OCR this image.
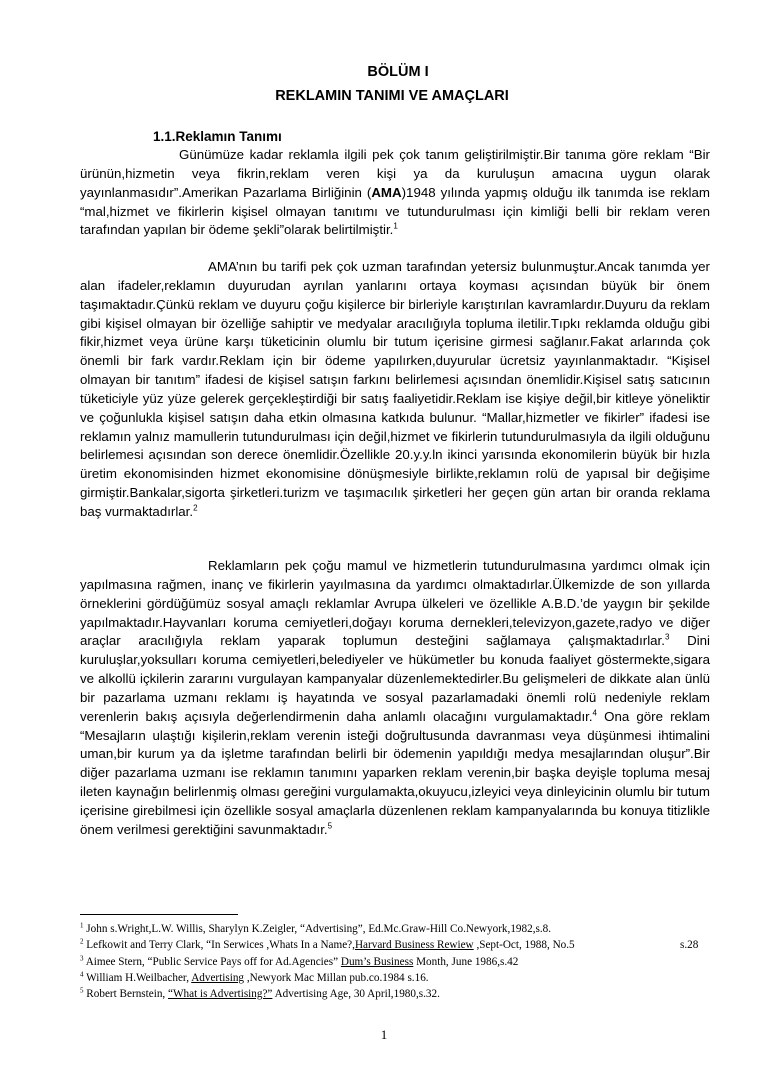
BÖLÜM I
REKLAMIN TANIMI VE AMAÇLARI
1.1.Reklamın Tanımı
Günümüze kadar reklamla ilgili pek çok tanım geliştirilmiştir.Bir tanıma göre reklam “Bir ürünün,hizmetin veya fikrin,reklam veren kişi ya da kuruluşun amacına uygun olarak yayınlanmasıdır”.Amerikan Pazarlama Birliğinin (AMA)1948 yılında yapmış olduğu ilk tanımda ise reklam “mal,hizmet ve fikirlerin kişisel olmayan tanıtımı ve tutundurulması için kimliği belli bir reklam veren tarafından yapılan bir ödeme şekli”olarak belirtilmiştir.$^1$
AMA’nın bu tarifi pek çok uzman tarafından yetersiz bulunmuştur.Ancak tanımda yer alan ifadeler,reklamın duyurudan ayrılan yanlarını ortaya koyması açısından büyük bir önem taşımaktadır.Çünkü reklam ve duyuru çoğu kişilerce bir birleriyle karıştırılan kavramlardır.Duyuru da reklam gibi kişisel olmayan bir özelliğe sahiptir ve medyalar aracılığıyla topluma iletilir.Tıpkı reklamda olduğu gibi fikir,hizmet veya ürüne karşı tüketicinin olumlu bir tutum içerisine girmesi sağlanır.Fakat arlarında çok önemli bir fark vardır.Reklam için bir ödeme yapılırken,duyurular ücretsiz yayınlanmaktadır. “Kişisel olmayan bir tanıtım” ifadesi de kişisel satışın farkını belirlemesi açısından önemlidir.Kişisel satış satıcının tüketiciyle yüz yüze gelerek gerçekleştirdiği bir satış faaliyetidir.Reklam ise kişiye değil,bir kitleye yöneliktir ve çoğunlukla kişisel satışın daha etkin olmasına katkıda bulunur. “Mallar,hizmetler ve fikirler” ifadesi ise reklamın yalnız mamullerin tutundurulması için değil,hizmet ve fikirlerin tutundurulmasıyla da ilgili olduğunu belirlemesi açısından son derece önemlidir.Özellikle 20.y.y.ln ikinci yarısında ekonomilerin büyük bir hızla üretim ekonomisinden hizmet ekonomisine dönüşmesiyle birlikte,reklamın rolü de yapısal bir değişime girmiştir.Bankalar,sigorta şirketleri.turizm ve taşımacılık şirketleri her geçen gün artan bir oranda reklama baş vurmaktadırlar.$^2$
Reklamların pek çoğu mamul ve hizmetlerin tutundurulmasına yardımcı olmak için yapılmasına rağmen, inanç ve fikirlerin yayılmasına da yardımcı olmaktadırlar.Ülkemizde de son yıllarda örneklerini gördüğümüz sosyal amaçlı reklamlar Avrupa ülkeleri ve özellikle A.B.D.’de yaygın bir şekilde yapılmaktadır.Hayvanları koruma cemiyetleri,doğayı koruma dernekleri,televizyon,gazete,radyo ve diğer araçlar aracılığıyla reklam yaparak toplumun desteğini sağlamaya çalışmaktadırlar.$^3$ Dini kuruluşlar,yoksulları koruma cemiyetleri,belediyeler ve hükümetler bu konuda faaliyet göstermekte,sigara ve alkollü içkilerin zararını vurgulayan kampanyalar düzenlemektedirler.Bu gelişmeleri de dikkate alan ünlü bir pazarlama uzmanı reklamı iş hayatında ve sosyal pazarlamadaki önemli rolü nedeniyle reklam verenlerin bakış açısıyla değerlendirmenin daha anlamlı olacağını vurgulamaktadır.$^4$ Ona göre reklam “Mesajların ulaştığı kişilerin,reklam verenin isteği doğrultusunda davranması veya düşünmesi ihtimalini uman,bir kurum ya da işletme tarafından belirli bir ödemenin yapıldığı medya mesajlarından oluşur”.Bir diğer pazarlama uzmanı ise reklamın tanımını yaparken reklam verenin,bir başka deyişle topluma mesaj ileten kaynağın belirlenmiş olması gereğini vurgulamakta,okuyucu,izleyici veya dinleyicinin olumlu bir tutum içerisine girebilmesi için özellikle sosyal amaçlarla düzenlenen reklam kampanyalarında bu konuya titizlikle önem verilmesi gerektiğini savunmaktadır.$^5$
$^1$ John s.Wright,L.W. Willis, Sharylyn K.Zeigler, “Advertising”, Ed.Mc.Graw-Hill Co.Newyork,1982,s.8.
$^2$ Lefkowit and Terry Clark, “In Serwices ,Whats In a Name?,Harvard Business Rewiew ,Sept-Oct, 1988, No.5	s.28
$^3$ Aimee Stern, “Public Service Pays off for Ad.Agencies” Dum’s Business Month, June 1986,s.42
$^4$ William H.Weilbacher, Advertising ,Newyork Mac Millan pub.co.1984 s.16.
$^5$ Robert Bernstein, “What is Advertising?” Advertising Age, 30 April,1980,s.32.
1
